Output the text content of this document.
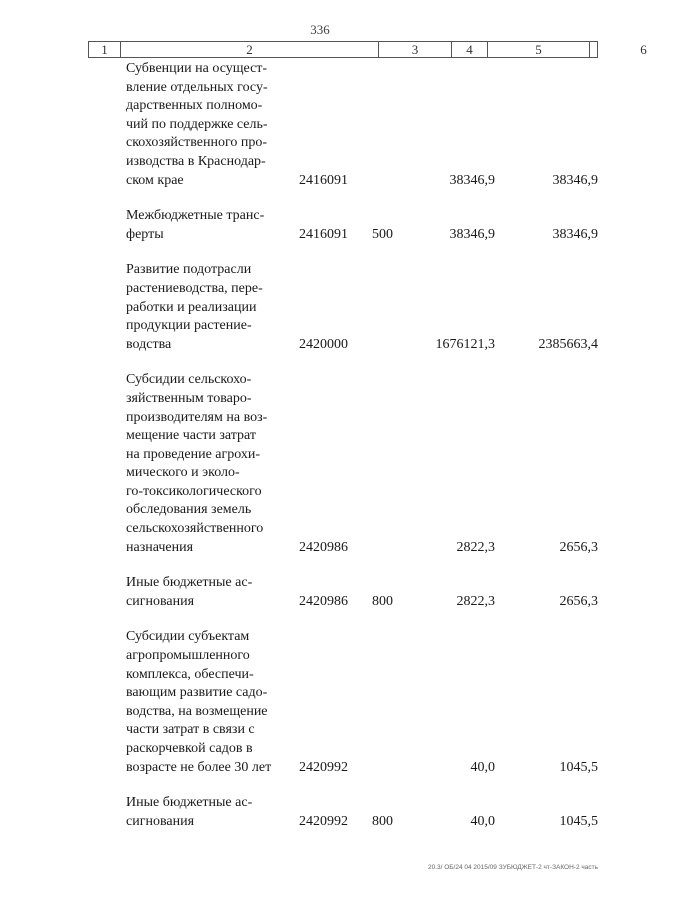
336
1	2	3	4	5	6
Субвенции на осущест-
вление отдельных госу-
дарственных полномо-
чий по поддержке сель-
скохозяйственного про-
изводства в Краснодар-
ском крае	2416091	38346,9	38346,9
Межбюджетные транс-
ферты	2416091 500	38346,9	38346,9
Развитие подотрасли
растениеводства, пере-
работки и реализации
продукции растение-
водства	2420000	1676121,3	2385663,4
Субсидии сельскохо-
зяйственным товаро-
производителям на воз-
мещение части затрат
на проведение агрохи-
мического и эколо-
го-токсикологического
обследования земель
сельскохозяйственного
назначения	2420986	2822,3	2656,3
Иные бюджетные ас-
сигнования	2420986 800	2822,3	2656,3
Субсидии субъектам
агропромышленного
комплекса, обеспечи-
вающим развитие садо-
водства, на возмещение
части затрат в связи с
раскорчевкой садов в
возрасте не более 30 лет	2420992	40,0	1045,5
Иные бюджетные ас-
сигнования	2420992 800	40,0	1045,5
20.3/ ОБ/24 04 2015/09 ЗУБЮДЖЕТ-2 чт-ЗАКОН-2 часть
